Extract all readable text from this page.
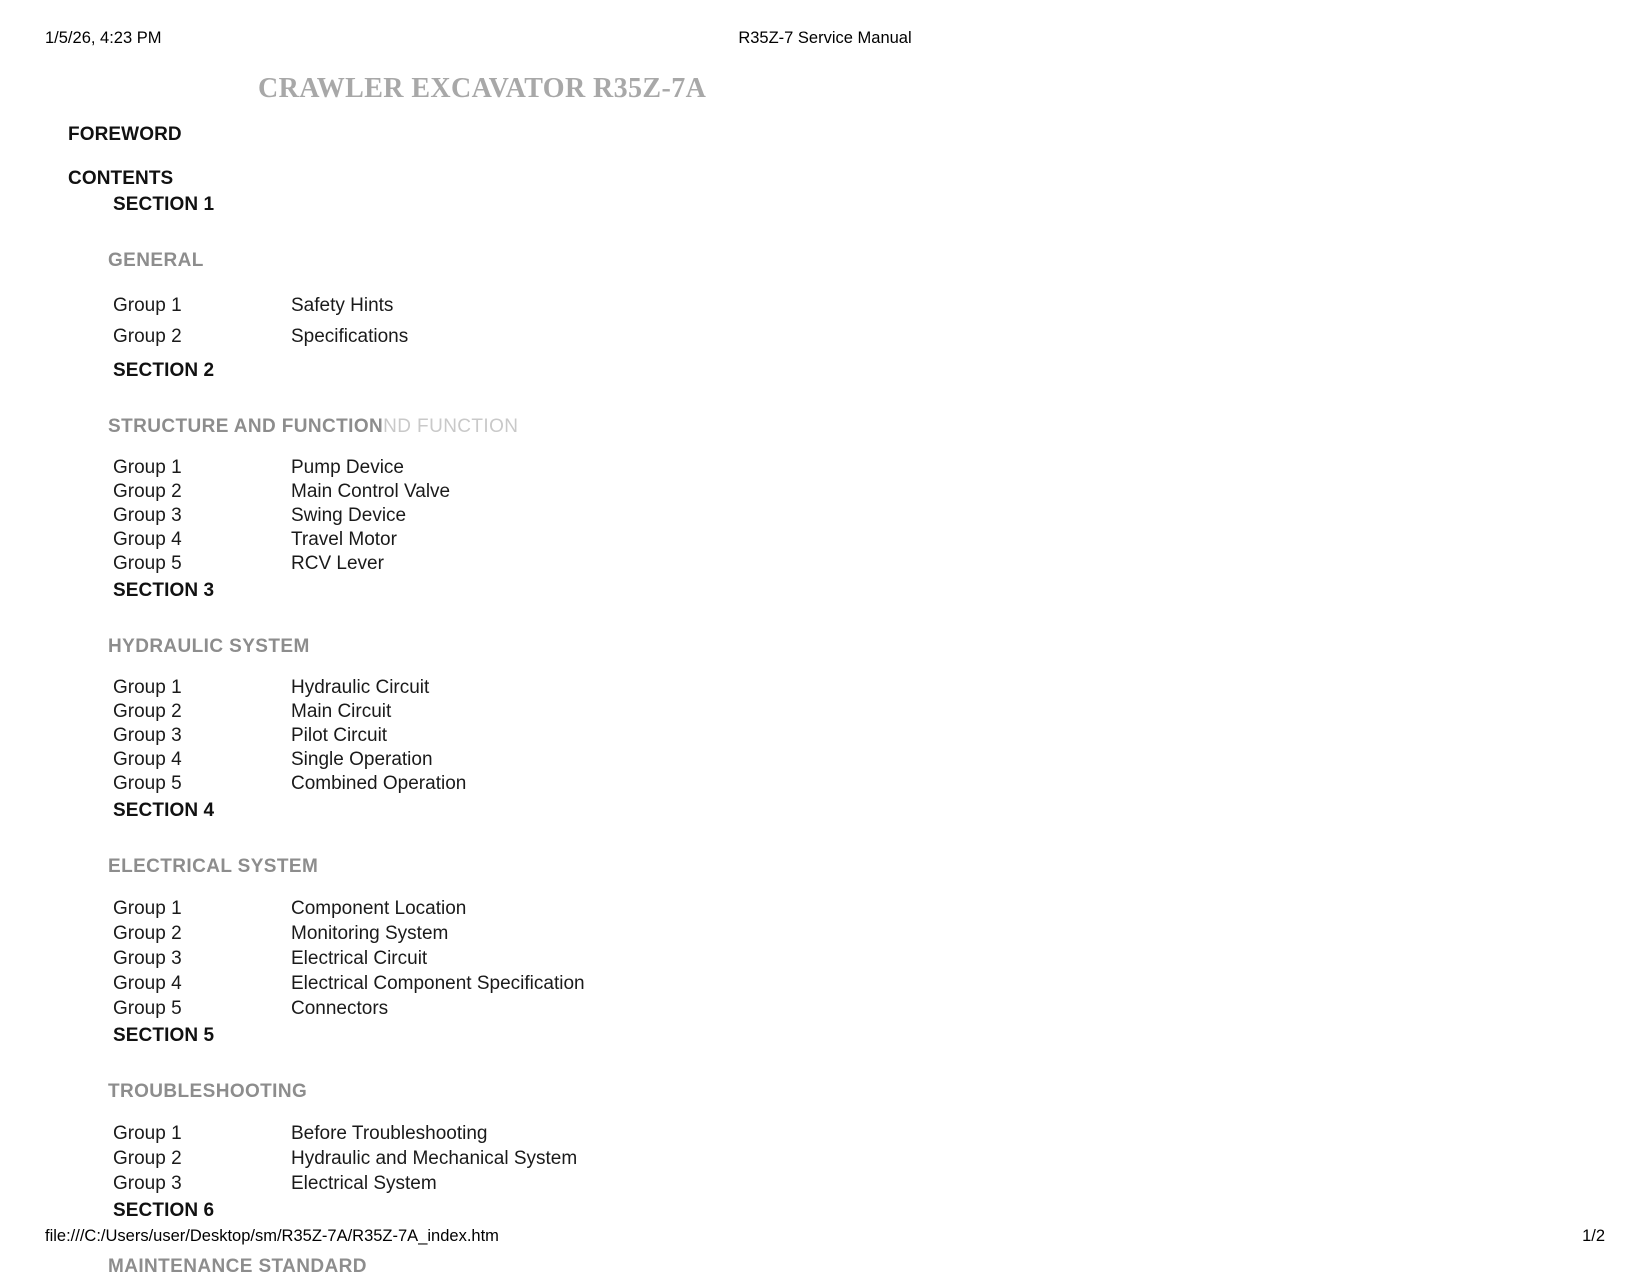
1/5/26, 4:23 PM	R35Z-7 Service Manual
CRAWLER EXCAVATOR R35Z-7A
FOREWORD
CONTENTS
SECTION 1
GENERAL
Group 1	Safety Hints
Group 2	Specifications
SECTION 2
STRUCTURE AND FUNCTIONND FUNCTION
Group 1	Pump Device
Group 2	Main Control Valve
Group 3	Swing Device
Group 4	Travel Motor
Group 5	RCV Lever
SECTION 3
HYDRAULIC SYSTEM
Group 1	Hydraulic Circuit
Group 2	Main Circuit
Group 3	Pilot Circuit
Group 4	Single Operation
Group 5	Combined Operation
SECTION 4
ELECTRICAL SYSTEM
Group 1	Component Location
Group 2	Monitoring System
Group 3	Electrical Circuit
Group 4	Electrical Component Specification
Group 5	Connectors
SECTION 5
TROUBLESHOOTING
Group 1	Before Troubleshooting
Group 2	Hydraulic and Mechanical System
Group 3	Electrical System
SECTION 6
MAINTENANCE STANDARD
file:///C:/Users/user/Desktop/sm/R35Z-7A/R35Z-7A_index.htm	1/2
